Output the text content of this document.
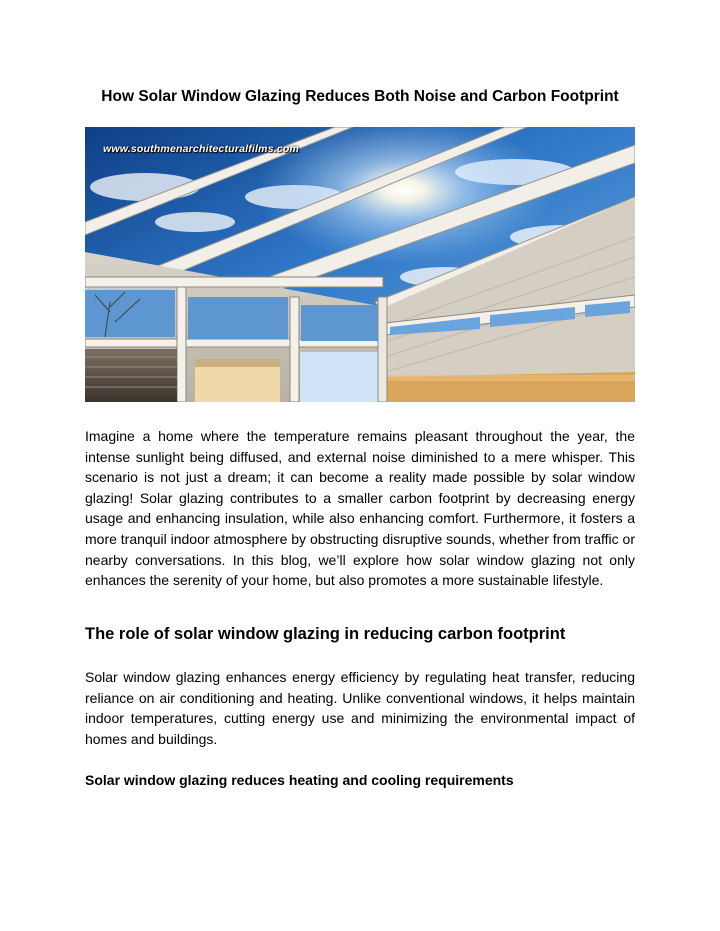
How Solar Window Glazing Reduces Both Noise and Carbon Footprint
www.southmenarchitecturalfilms.com

Imagine a home where the temperature remains pleasant throughout the year, the intense sunlight being diffused, and external noise diminished to a mere whisper. This scenario is not just a dream; it can become a reality made possible by solar window glazing! Solar glazing contributes to a smaller carbon footprint by decreasing energy usage and enhancing insulation, while also enhancing comfort. Furthermore, it fosters a more tranquil indoor atmosphere by obstructing disruptive sounds, whether from traffic or nearby conversations. In this blog, we’ll explore how solar window glazing not only enhances the serenity of your home, but also promotes a more sustainable lifestyle.

The role of solar window glazing in reducing carbon footprint

Solar window glazing enhances energy efficiency by regulating heat transfer, reducing reliance on air conditioning and heating. Unlike conventional windows, it helps maintain indoor temperatures, cutting energy use and minimizing the environmental impact of homes and buildings.

Solar window glazing reduces heating and cooling requirements
